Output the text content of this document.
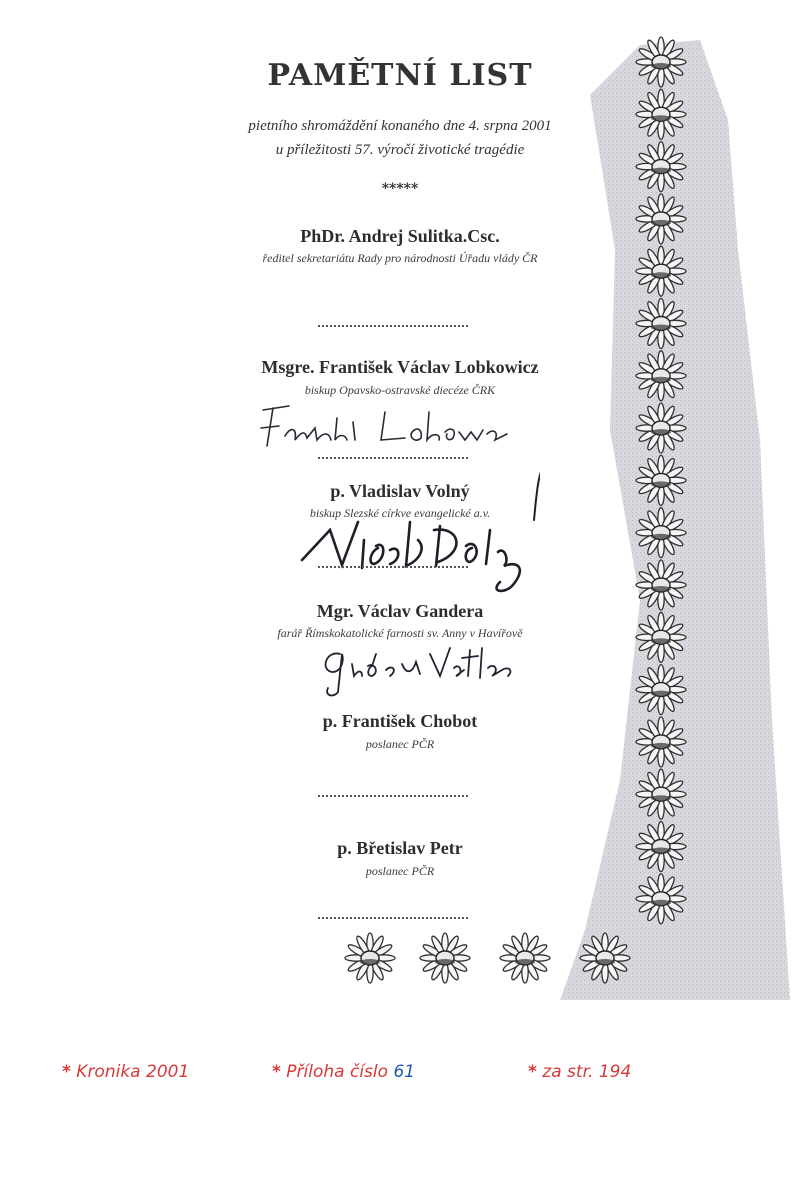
PAMĚTNÍ LIST
pietního shromáždění konaného dne 4. srpna 2001
u příležitosti 57. výročí životické tragédie
*****
PhDr. Andrej Sulitka.Csc.
ředitel sekretariátu Rady pro národnosti Úřadu vlády ČR
Msgre. František Václav Lobkowicz
biskup Opavsko-ostravské diecéze ČRK
p. Vladislav Volný
biskup Slezské církve evangelické a.v.
Mgr. Václav Gandera
farář Římskokatolické farnosti sv. Anny v Havířově
p. František Chobot
poslanec PČR
p. Břetislav Petr
poslanec PČR
* Kronika 2001	* Příloha číslo 61	* za str. 194
